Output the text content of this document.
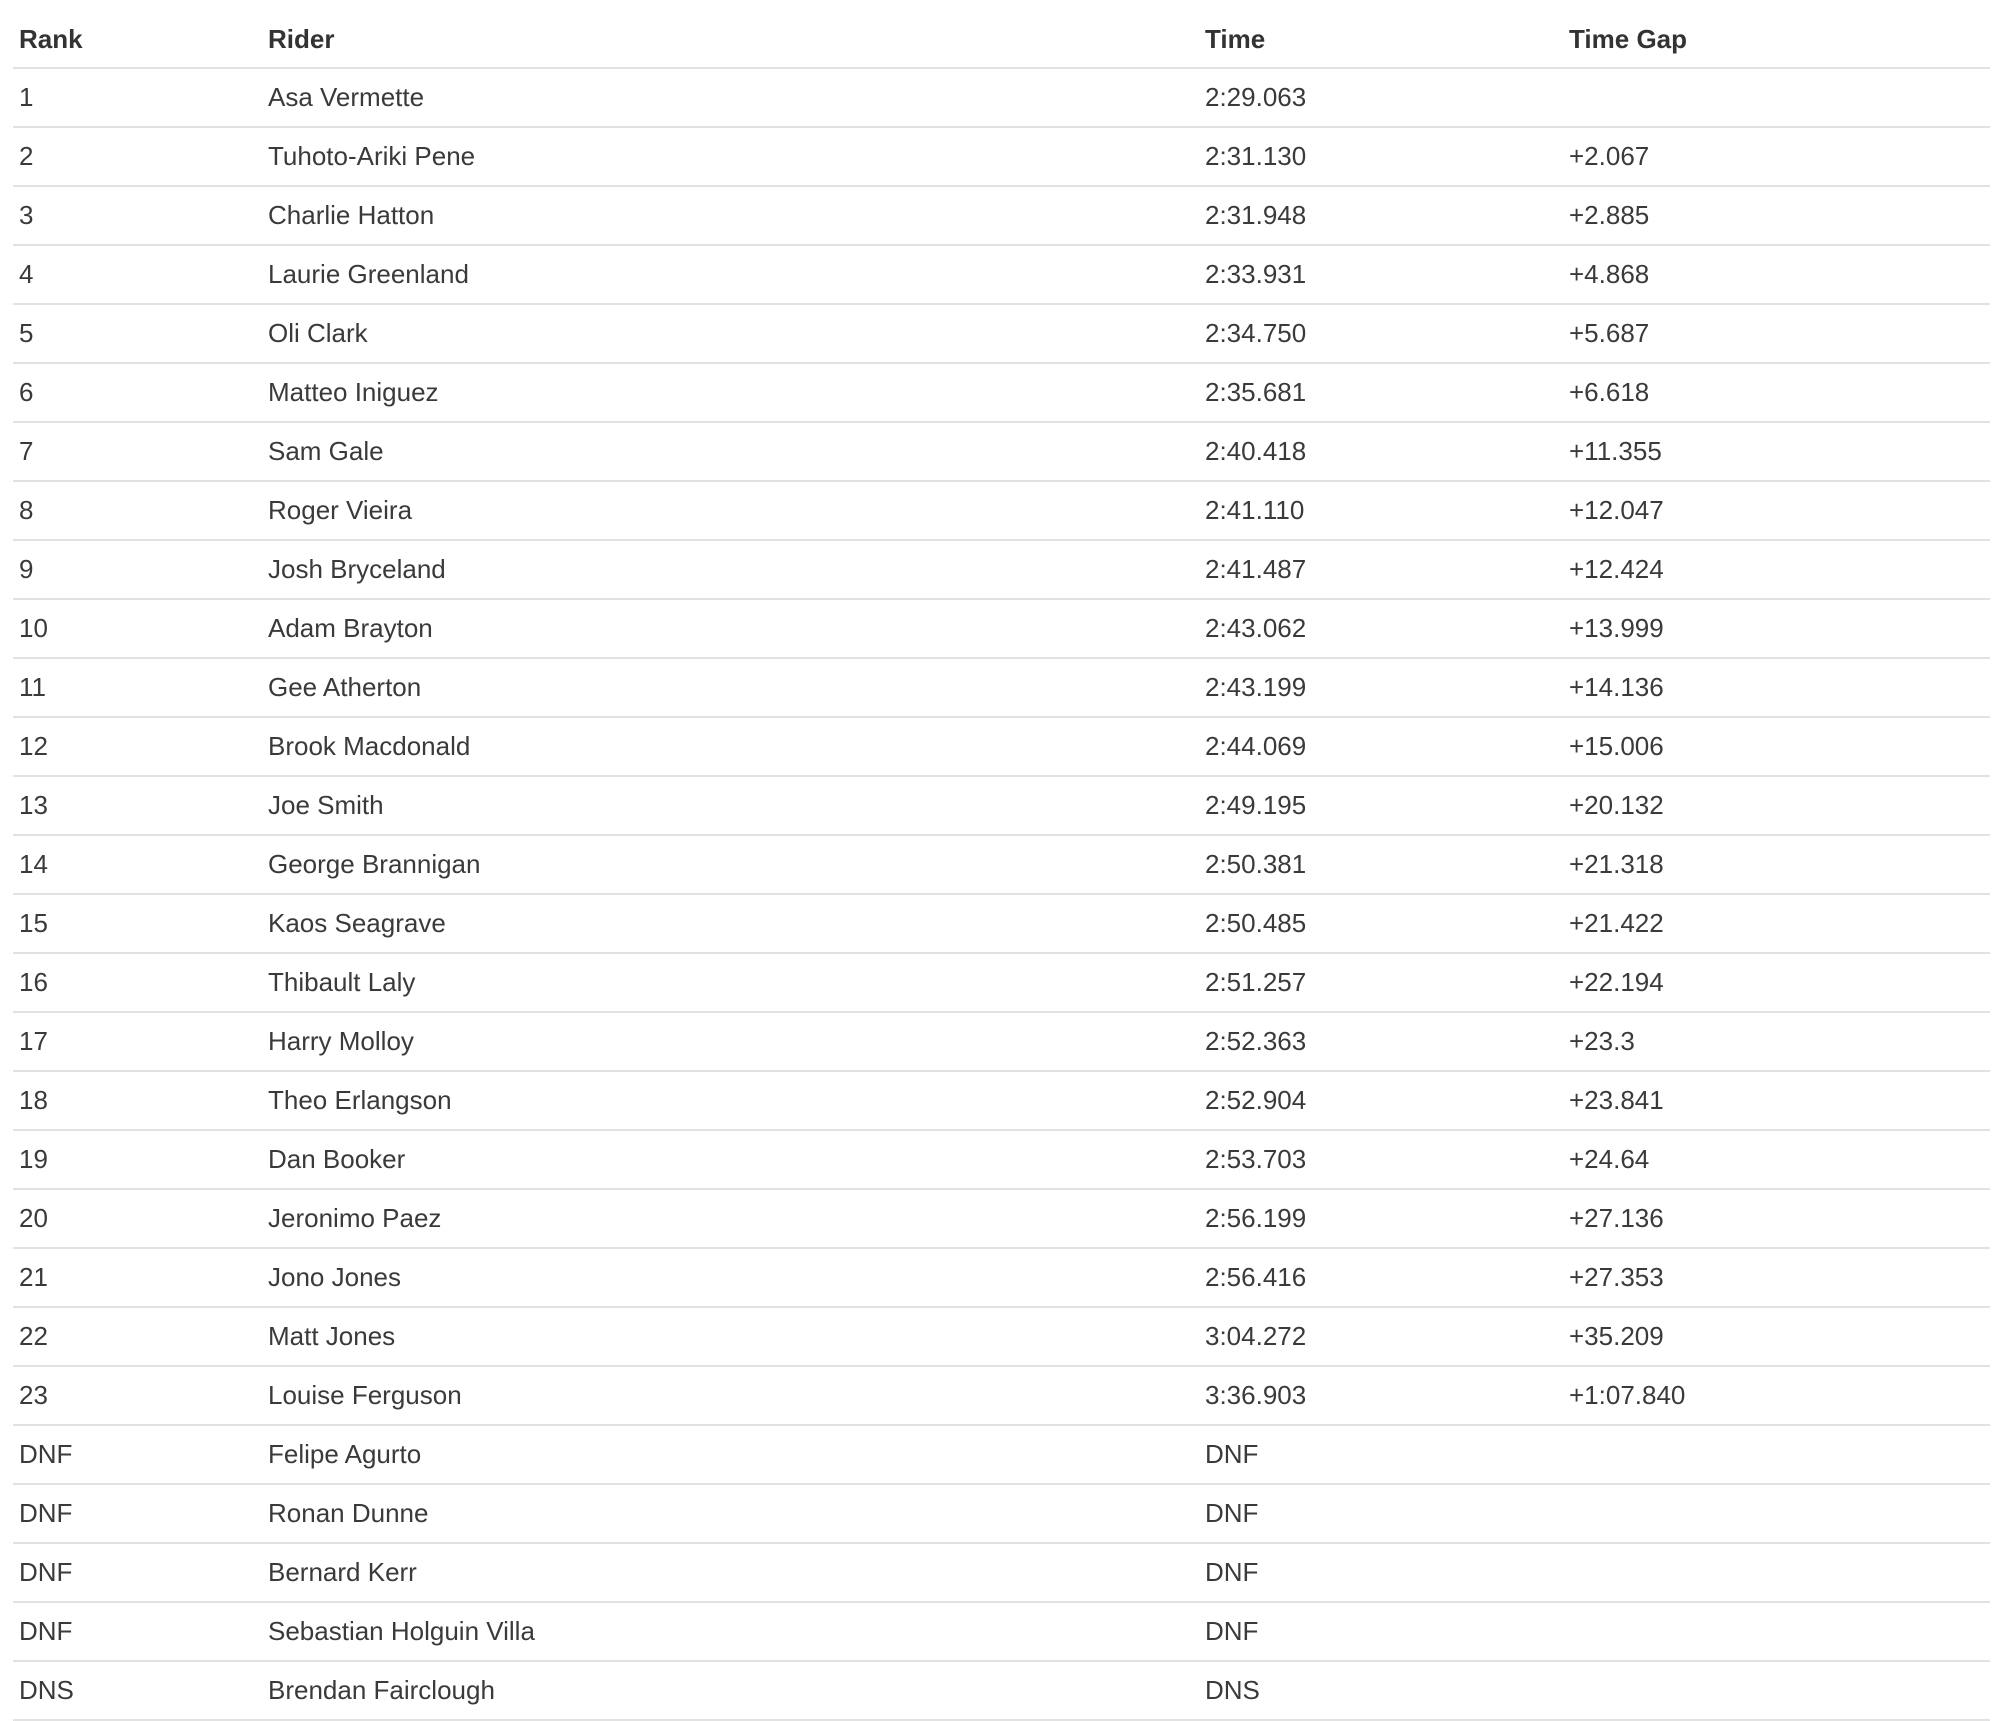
Rank	Rider	Time	Time Gap
1	Asa Vermette	2:29.063	
2	Tuhoto-Ariki Pene	2:31.130	+2.067
3	Charlie Hatton	2:31.948	+2.885
4	Laurie Greenland	2:33.931	+4.868
5	Oli Clark	2:34.750	+5.687
6	Matteo Iniguez	2:35.681	+6.618
7	Sam Gale	2:40.418	+11.355
8	Roger Vieira	2:41.110	+12.047
9	Josh Bryceland	2:41.487	+12.424
10	Adam Brayton	2:43.062	+13.999
11	Gee Atherton	2:43.199	+14.136
12	Brook Macdonald	2:44.069	+15.006
13	Joe Smith	2:49.195	+20.132
14	George Brannigan	2:50.381	+21.318
15	Kaos Seagrave	2:50.485	+21.422
16	Thibault Laly	2:51.257	+22.194
17	Harry Molloy	2:52.363	+23.3
18	Theo Erlangson	2:52.904	+23.841
19	Dan Booker	2:53.703	+24.64
20	Jeronimo Paez	2:56.199	+27.136
21	Jono Jones	2:56.416	+27.353
22	Matt Jones	3:04.272	+35.209
23	Louise Ferguson	3:36.903	+1:07.840
DNF	Felipe Agurto	DNF	
DNF	Ronan Dunne	DNF	
DNF	Bernard Kerr	DNF	
DNF	Sebastian Holguin Villa	DNF	
DNS	Brendan Fairclough	DNS	
